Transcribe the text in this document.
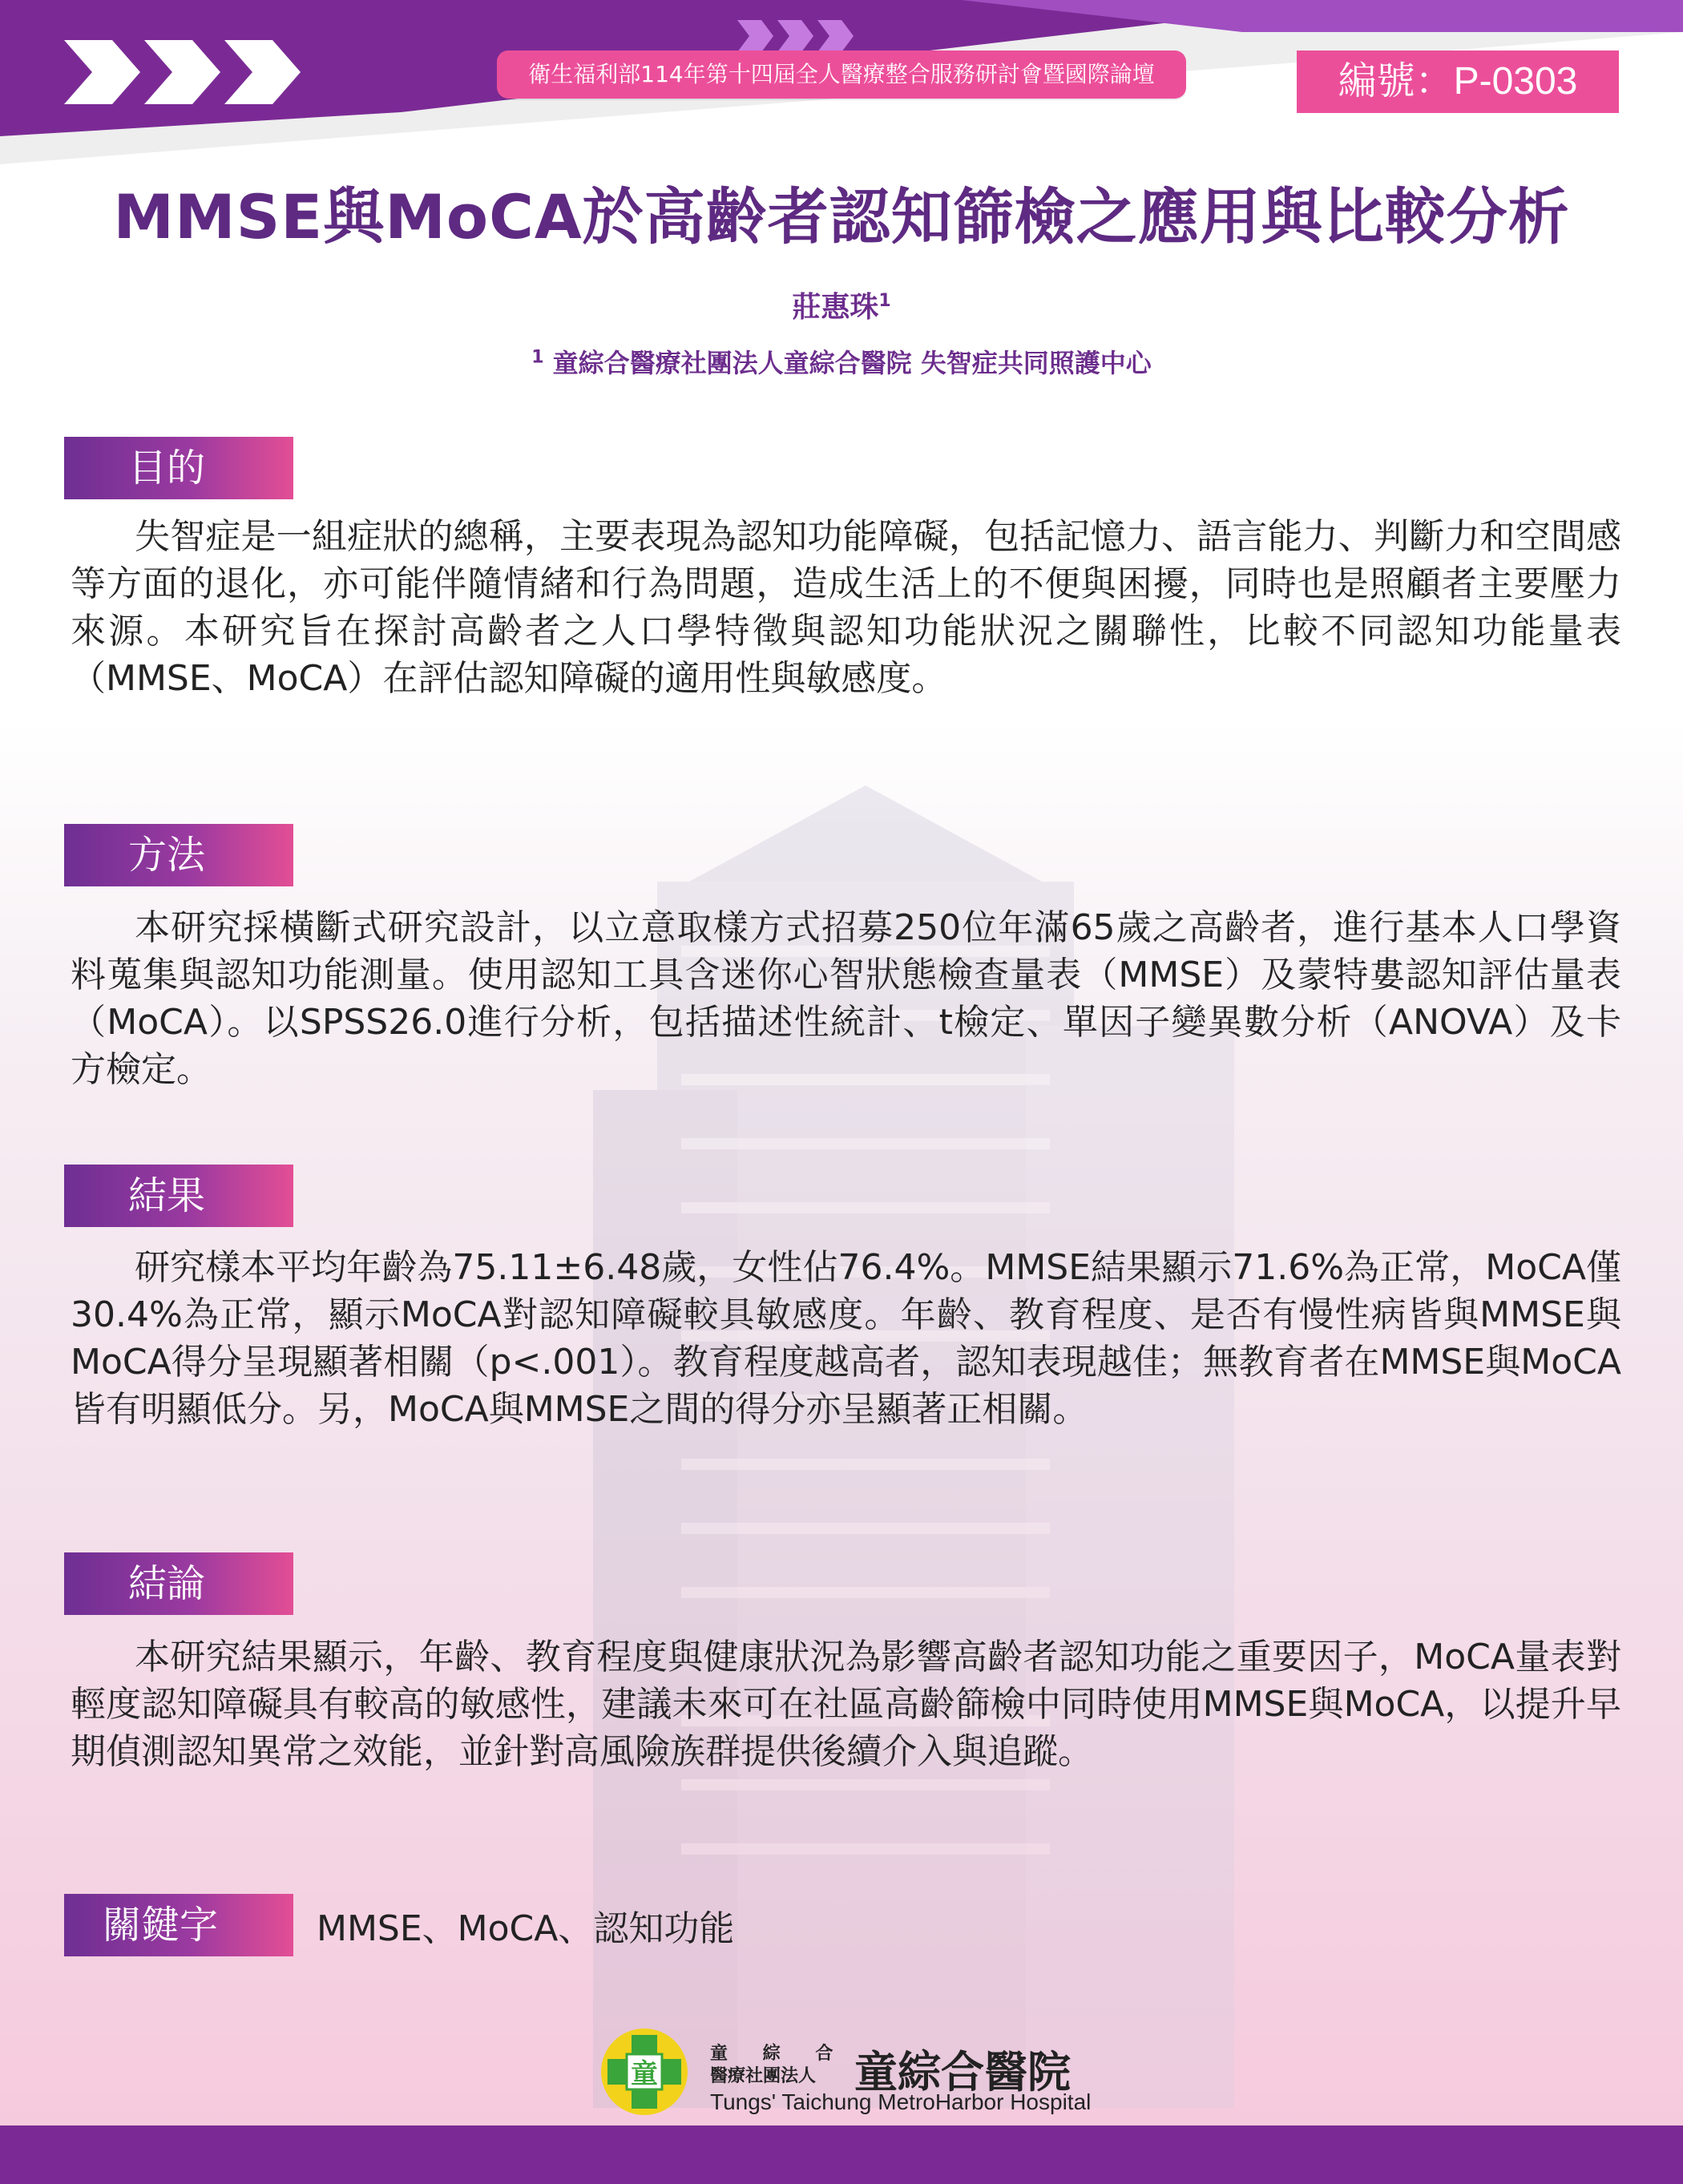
衛生福利部114年第十四屆全人醫療整合服務研討會暨國際論壇	編號：P-0303
MMSE與MoCA於高齡者認知篩檢之應用與比較分析
莊惠珠$^1$
$^1$ 童綜合醫療社團法人童綜合醫院 失智症共同照護中心
目的

失智症是一組症狀的總稱，主要表現為認知功能障礙，包括記憶力、語言能力、判斷力和空間感等方面的退化，亦可能伴隨情緒和行為問題，造成生活上的不便與困擾，同時也是照顧者主要壓力來源。本研究旨在探討高齡者之人口學特徵與認知功能狀況之關聯性，比較不同認知功能量表（MMSE、MoCA）在評估認知障礙的適用性與敏感度。

方法

本研究採橫斷式研究設計，以立意取樣方式招募250位年滿65歲之高齡者，進行基本人口學資料蒐集與認知功能測量。使用認知工具含迷你心智狀態檢查量表（MMSE）及蒙特婁認知評估量表（MoCA）。以SPSS26.0進行分析，包括描述性統計、t檢定、單因子變異數分析（ANOVA）及卡方檢定。

結果

研究樣本平均年齡為75.11±6.48歲，女性佔76.4%。MMSE結果顯示71.6%為正常，MoCA僅30.4%為正常，顯示MoCA對認知障礙較具敏感度。年齡、教育程度、是否有慢性病皆與MMSE與MoCA得分呈現顯著相關（p<.001）。教育程度越高者，認知表現越佳；無教育者在MMSE與MoCA皆有明顯低分。另，MoCA與MMSE之間的得分亦呈顯著正相關。

結論

本研究結果顯示，年齡、教育程度與健康狀況為影響高齡者認知功能之重要因子，MoCA量表對輕度認知障礙具有較高的敏感性，建議未來可在社區高齡篩檢中同時使用MMSE與MoCA，以提升早期偵測認知異常之效能，並針對高風險族群提供後續介入與追蹤。

關鍵字	MMSE、MoCA、認知功能
童
童 綜 合
醫療社團法人 童綜合醫院
Tungs' Taichung MetroHarbor Hospital
